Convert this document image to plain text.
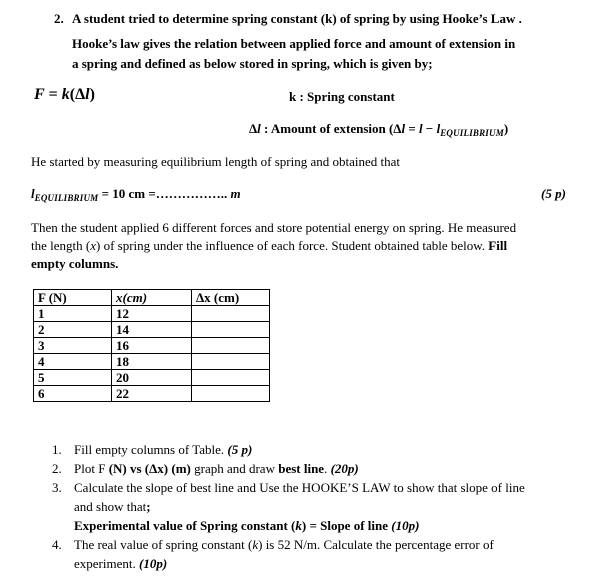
2. A student tried to determine spring constant (k) of spring by using Hooke’s Law .
Hooke’s law gives the relation between applied force and amount of extension in
a spring and defined as below stored in spring, which is given by;
F = k(Δl)	k : Spring constant
Δl : Amount of extension $(\Delta l = l - l_{EQUILIBRIUM})$
He started by measuring equilibrium length of spring and obtained that
$l_{EQUILIBRIUM} = 10$ cm =…………….. m	(5 p)
Then the student applied 6 different forces and store potential energy on spring. He measured
the length (x) of spring under the influence of each force. Student obtained table below. Fill
empty columns.
F (N)	x(cm)	Δx (cm)
1	12	
2	14	
3	16	
4	18	
5	20	
6	22	
1. Fill empty columns of Table. (5 p)
2. Plot F (N) vs (Δx) (m) graph and draw best line. (20p)
3. Calculate the slope of best line and Use the HOOKE’S LAW to show that slope of line
and show that;
Experimental value of Spring constant (k) = Slope of line (10p)
4. The real value of spring constant (k) is 52 N/m. Calculate the percentage error of
experiment. (10p)
